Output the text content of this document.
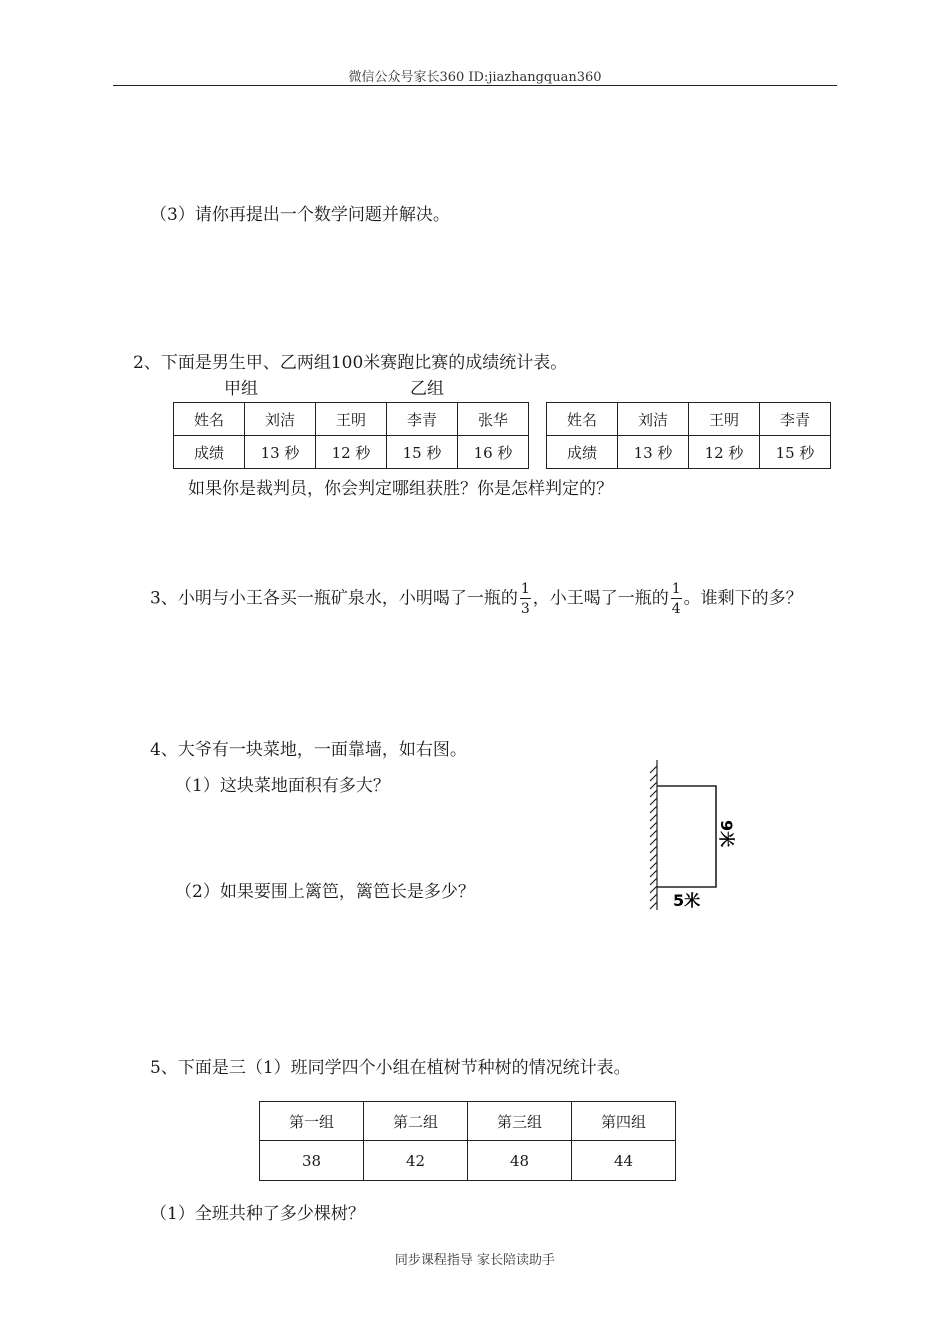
微信公众号家长360 ID:jiazhangquan360
（3）请你再提出一个数学问题并解决。
2、下面是男生甲、乙两组100米赛跑比赛的成绩统计表。
甲组	乙组
姓名	刘洁	王明	李青	张华
成绩	13 秒	12 秒	15 秒	16 秒
姓名	刘洁	王明	李青
成绩	13 秒	12 秒	15 秒
如果你是裁判员，你会判定哪组获胜？你是怎样判定的？
3、小明与小王各买一瓶矿泉水，小明喝了一瓶的 $\frac{1}{3}$ ，小王喝了一瓶的 $\frac{1}{4}$ 。谁剩下的多？
4、大爷有一块菜地，一面靠墙，如右图。
（1）这块菜地面积有多大？
（2）如果要围上篱笆，篱笆长是多少？
9米
5米
5、下面是三（1）班同学四个小组在植树节种树的情况统计表。
第一组	第二组	第三组	第四组
38	42	48	44
（1）全班共种了多少棵树？
同步课程指导 家长陪读助手
